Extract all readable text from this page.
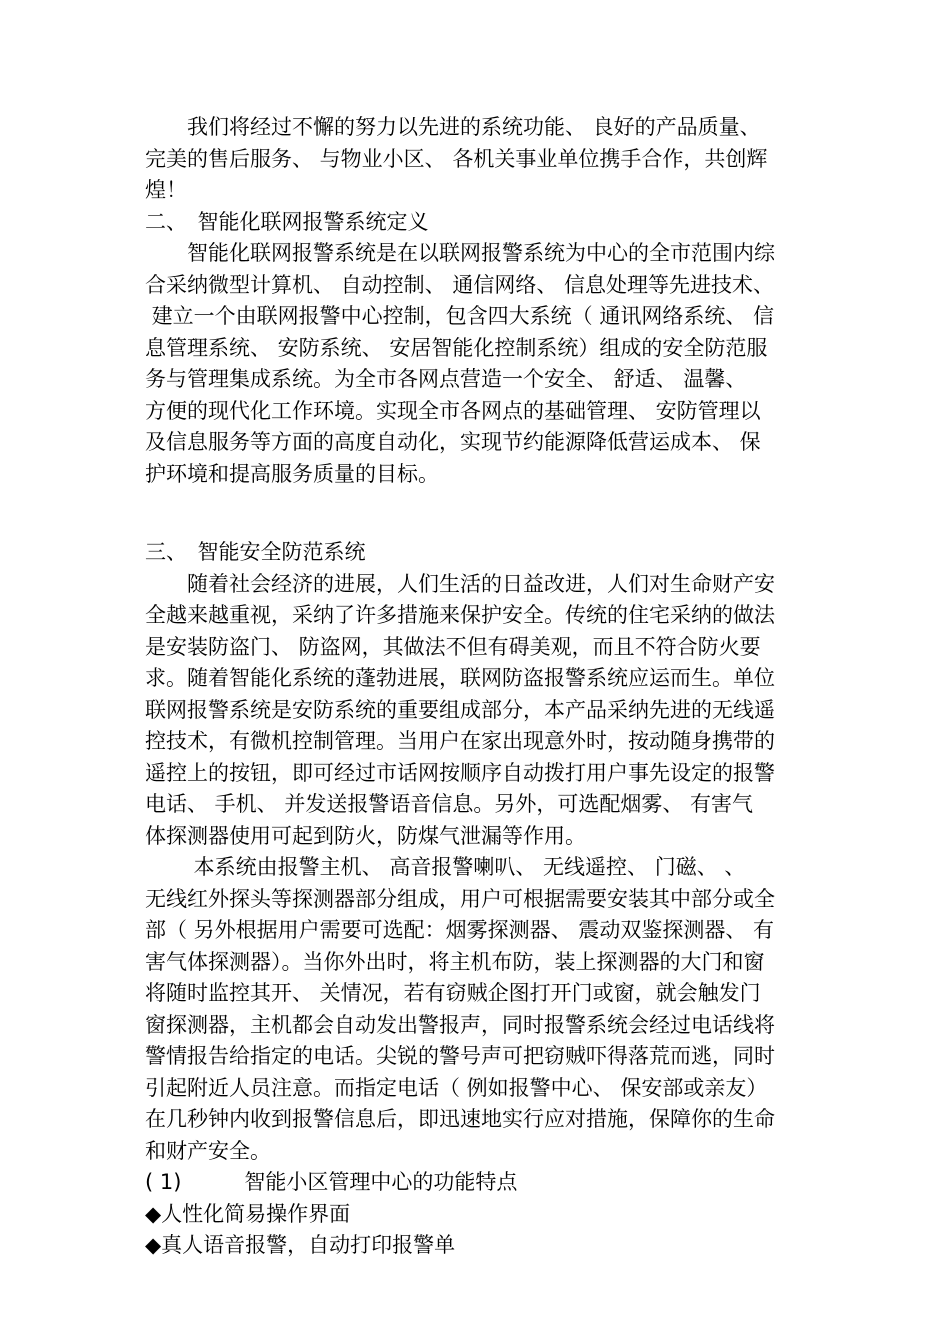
　　我们将经过不懈的努力以先进的系统功能、 良好的产品质量、

完美的售后服务、 与物业小区、 各机关事业单位携手合作，共创辉

煌！

二、　智能化联网报警系统定义

　　智能化联网报警系统是在以联网报警系统为中心的全市范围内综

合采纳微型计算机、 自动控制、 通信网络、 信息处理等先进技术、

建立一个由联网报警中心控制，包含四大系统（ 通讯网络系统、 信

息管理系统、 安防系统、 安居智能化控制系统）组成的安全防范服

务与管理集成系统。为全市各网点营造一个安全、 舒适、 温馨、

方便的现代化工作环境。实现全市各网点的基础管理、 安防管理以

及信息服务等方面的高度自动化，实现节约能源降低营运成本、 保

护环境和提高服务质量的目标。

三、　智能安全防范系统

　　随着社会经济的进展，人们生活的日益改进，人们对生命财产安

全越来越重视，采纳了许多措施来保护安全。传统的住宅采纳的做法

是安装防盗门、 防盗网，其做法不但有碍美观，而且不符合防火要

求。随着智能化系统的蓬勃进展，联网防盗报警系统应运而生。单位

联网报警系统是安防系统的重要组成部分，本产品采纳先进的无线遥

控技术，有微机控制管理。当用户在家出现意外时，按动随身携带的

遥控上的按钮，即可经过市话网按顺序自动拨打用户事先设定的报警

电话、 手机、 并发送报警语音信息。另外，可选配烟雾、 有害气

体探测器使用可起到防火，防煤气泄漏等作用。

　　 本系统由报警主机、 高音报警喇叭、 无线遥控、 门磁、 、

无线红外探头等探测器部分组成，用户可根据需要安装其中部分或全

部（ 另外根据用户需要可选配：烟雾探测器、 震动双鉴探测器、 有

害气体探测器）。当你外出时，将主机布防，装上探测器的大门和窗

将随时监控其开、 关情况，若有窃贼企图打开门或窗，就会触发门

窗探测器，主机都会自动发出警报声，同时报警系统会经过电话线将

警情报告给指定的电话。尖锐的警号声可把窃贼吓得落荒而逃，同时

引起附近人员注意。而指定电话（ 例如报警中心、 保安部或亲友）

在几秒钟内收到报警信息后，即迅速地实行应对措施，保障你的生命

和财产安全。

( 1)　　　智能小区管理中心的功能特点

◆人性化简易操作界面

◆真人语音报警，自动打印报警单
